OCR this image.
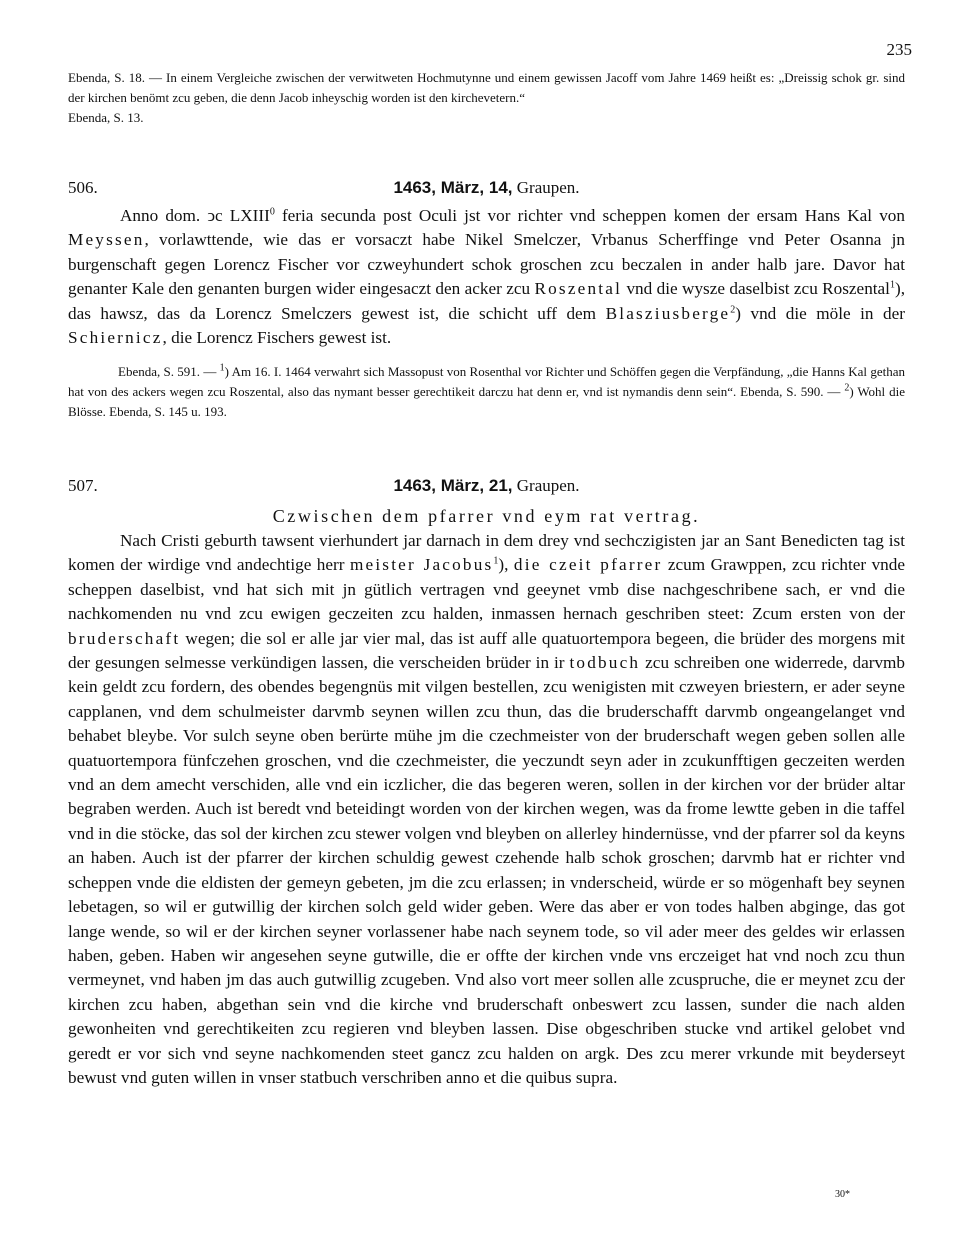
235
Ebenda, S. 18. — In einem Vergleiche zwischen der verwitweten Hochmutynne und einem gewissen Jacoff vom Jahre 1469 heißt es: „Dreissig schok gr. sind der kirchen benömt zcu geben, die denn Jacob inheyschig worden ist den kirchevetern.“
Ebenda, S. 13.
506.	1463, März, 14, Graupen.

Anno dom. ↄc LXIII$^0$ feria secunda post Oculi jst vor richter vnd scheppen komen der ersam Hans Kal von Meyssen, vorlawttende, wie das er vorsaczt habe Nikel Smelczer, Vrbanus Scherffinge vnd Peter Osanna jn burgenschaft gegen Lorencz Fischer vor czweyhundert schok groschen zcu beczalen in ander halb jare. Davor hat genanter Kale den genanten burgen wider eingesaczt den acker zcu Roszental vnd die wysze daselbist zcu Roszental$^1$), das hawsz, das da Lorencz Smelczers gewest ist, die schicht uff dem Blasziusberge$^2$) vnd die möle in der Schiernicz, die Lorencz Fischers gewest ist.

Ebenda, S. 591. — $^1$) Am 16. I. 1464 verwahrt sich Massopust von Rosenthal vor Richter und Schöffen gegen die Verpfändung, „die Hanns Kal gethan hat von des ackers wegen zcu Roszental, also das nymant besser gerechtikeit darczu hat denn er, vnd ist nymandis denn sein“. Ebenda, S. 590. — $^2$) Wohl die Blösse. Ebenda, S. 145 u. 193.

507.	1463, März, 21, Graupen.
Czwischen dem pfarrer vnd eym rat vertrag.

Nach Cristi geburth tawsent vierhundert jar darnach in dem drey vnd sechczigisten jar an Sant Benedicten tag ist komen der wirdige vnd andechtige herr meister Jacobus$^1$), die czeit pfarrer zcum Grawppen, zcu richter vnde scheppen daselbist, vnd hat sich mit jn gütlich vertragen vnd geeynet vmb dise nachgeschribene sach, er vnd die nachkomenden nu vnd zcu ewigen geczeiten zcu halden, inmassen hernach geschriben steet: Zcum ersten von der bruderschaft wegen; die sol er alle jar vier mal, das ist auff alle quatuortempora begeen, die brüder des morgens mit der gesungen selmesse verkündigen lassen, die verscheiden brüder in ir todbuch zcu schreiben one widerrede, darvmb kein geldt zcu fordern, des obendes begengnüs mit vilgen bestellen, zcu wenigisten mit czweyen briestern, er ader seyne capplanen, vnd dem schulmeister darvmb seynen willen zcu thun, das die bruderschafft darvmb ongeangelanget vnd behabet bleybe. Vor sulch seyne oben berürte mühe jm die czechmeister von der bruderschaft wegen geben sollen alle quatuortempora fünfczehen groschen, vnd die czechmeister, die yeczundt seyn ader in zcukunfftigen geczeiten werden vnd an dem amecht verschiden, alle vnd ein iczlicher, die das begeren weren, sollen in der kirchen vor der brüder altar begraben werden. Auch ist beredt vnd beteidingt worden von der kirchen wegen, was da frome lewtte geben in die taffel vnd in die stöcke, das sol der kirchen zcu stewer volgen vnd bleyben on allerley hindernüsse, vnd der pfarrer sol da keyns an haben. Auch ist der pfarrer der kirchen schuldig gewest czehende halb schok groschen; darvmb hat er richter vnd scheppen vnde die eldisten der gemeyn gebeten, jm die zcu erlassen; in vnderscheid, würde er so mögenhaft bey seynen lebetagen, so wil er gutwillig der kirchen solch geld wider geben. Were das aber er von todes halben abginge, das got lange wende, so wil er der kirchen seyner vorlassener habe nach seynem tode, so vil ader meer des geldes wir erlassen haben, geben. Haben wir angesehen seyne gutwille, die er offte der kirchen vnde vns erczeiget hat vnd noch zcu thun vermeynet, vnd haben jm das auch gutwillig zcugeben. Vnd also vort meer sollen alle zcuspruche, die er meynet zcu der kirchen zcu haben, abgethan sein vnd die kirche vnd bruderschaft onbeswert zcu lassen, sunder die nach alden gewonheiten vnd gerechtikeiten zcu regieren vnd bleyben lassen. Dise obgeschriben stucke vnd artikel gelobet vnd geredt er vor sich vnd seyne nachkomenden steet gancz zcu halden on argk. Des zcu merer vrkunde mit beyderseyt bewust vnd guten willen in vnser statbuch verschriben anno et die quibus supra.

30*
